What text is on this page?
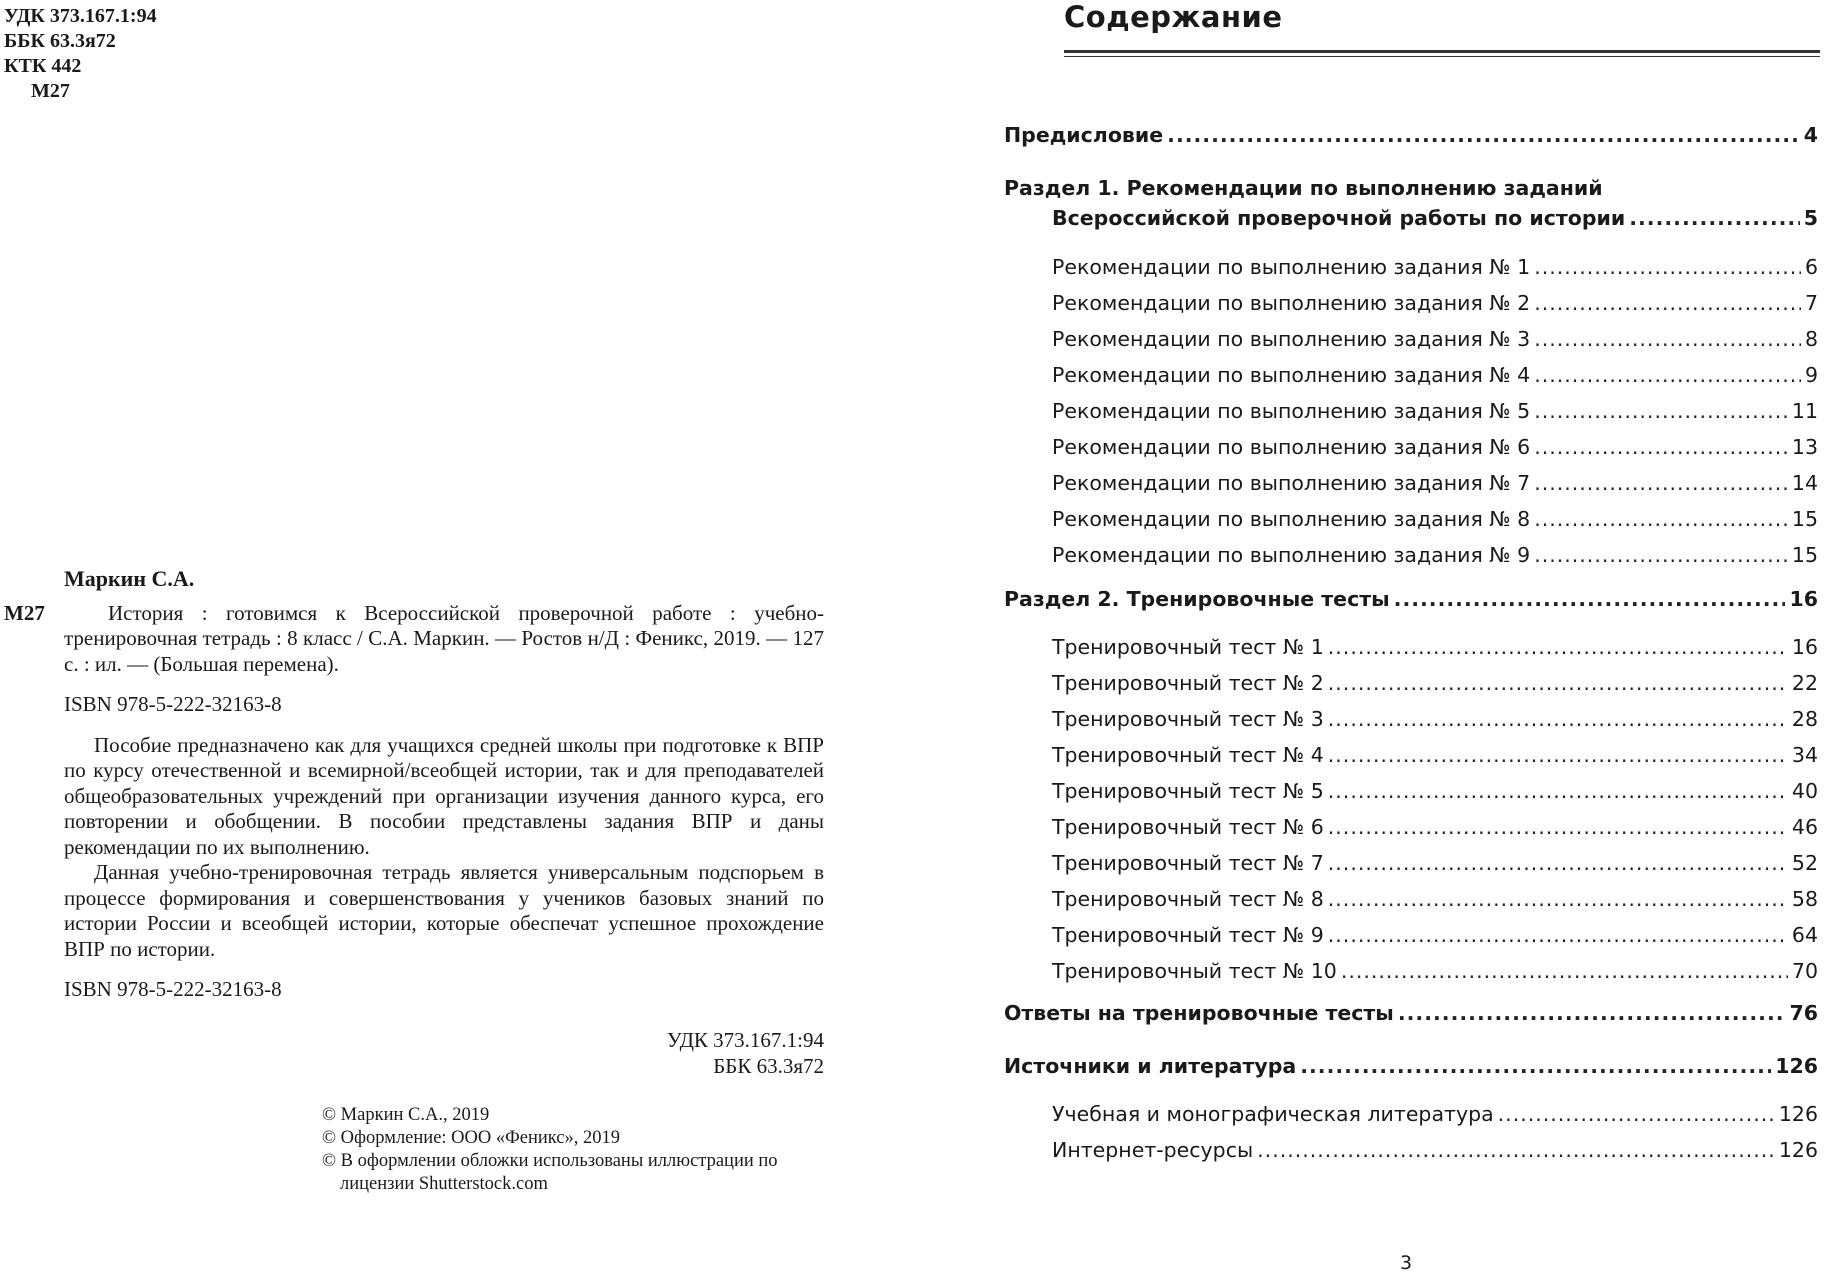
УДК 373.167.1:94
ББК 63.3я72
КТК 442
М27
Маркин С.А.
М27	История : готовимся к Всероссийской проверочной работе : учебно-тренировочная тетрадь : 8 класс / С.А. Маркин. — Ростов н/Д : Феникс, 2019. — 127 с. : ил. — (Большая перемена).
ISBN 978-5-222-32163-8

Пособие предназначено как для учащихся средней школы при подготовке к ВПР по курсу отечественной и всемирной/всеобщей истории, так и для преподавателей общеобразовательных учреждений при организации изучения данного курса, его повторении и обобщении. В пособии представлены задания ВПР и даны рекомендации по их выполнению.

Данная учебно-тренировочная тетрадь является универсальным подспорьем в процессе формирования и совершенствования у учеников базовых знаний по истории России и всеобщей истории, которые обеспечат успешное прохождение ВПР по истории.

ISBN 978-5-222-32163-8
УДК 373.167.1:94
ББК 63.3я72
© Маркин С.А., 2019
© Оформление: ООО «Феникс», 2019
© В оформлении обложки использованы иллюстрации по лицензии Shutterstock.com
Содержание
Предисловие .....	4
Раздел 1. Рекомендации по выполнению заданий
Всероссийской проверочной работы по истории .....	5
Рекомендации по выполнению задания № 1 .....	6
Рекомендации по выполнению задания № 2 .....	7
Рекомендации по выполнению задания № 3 .....	8
Рекомендации по выполнению задания № 4 .....	9
Рекомендации по выполнению задания № 5 .....	11
Рекомендации по выполнению задания № 6 .....	13
Рекомендации по выполнению задания № 7 .....	14
Рекомендации по выполнению задания № 8 .....	15
Рекомендации по выполнению задания № 9 .....	15
Раздел 2. Тренировочные тесты .....	16
Тренировочный тест № 1 .....	16
Тренировочный тест № 2 .....	22
Тренировочный тест № 3 .....	28
Тренировочный тест № 4 .....	34
Тренировочный тест № 5 .....	40
Тренировочный тест № 6 .....	46
Тренировочный тест № 7 .....	52
Тренировочный тест № 8 .....	58
Тренировочный тест № 9 .....	64
Тренировочный тест № 10 .....	70
Ответы на тренировочные тесты .....	76
Источники и литература .....	126
Учебная и монографическая литература .....	126
Интернет-ресурсы .....	126
3
